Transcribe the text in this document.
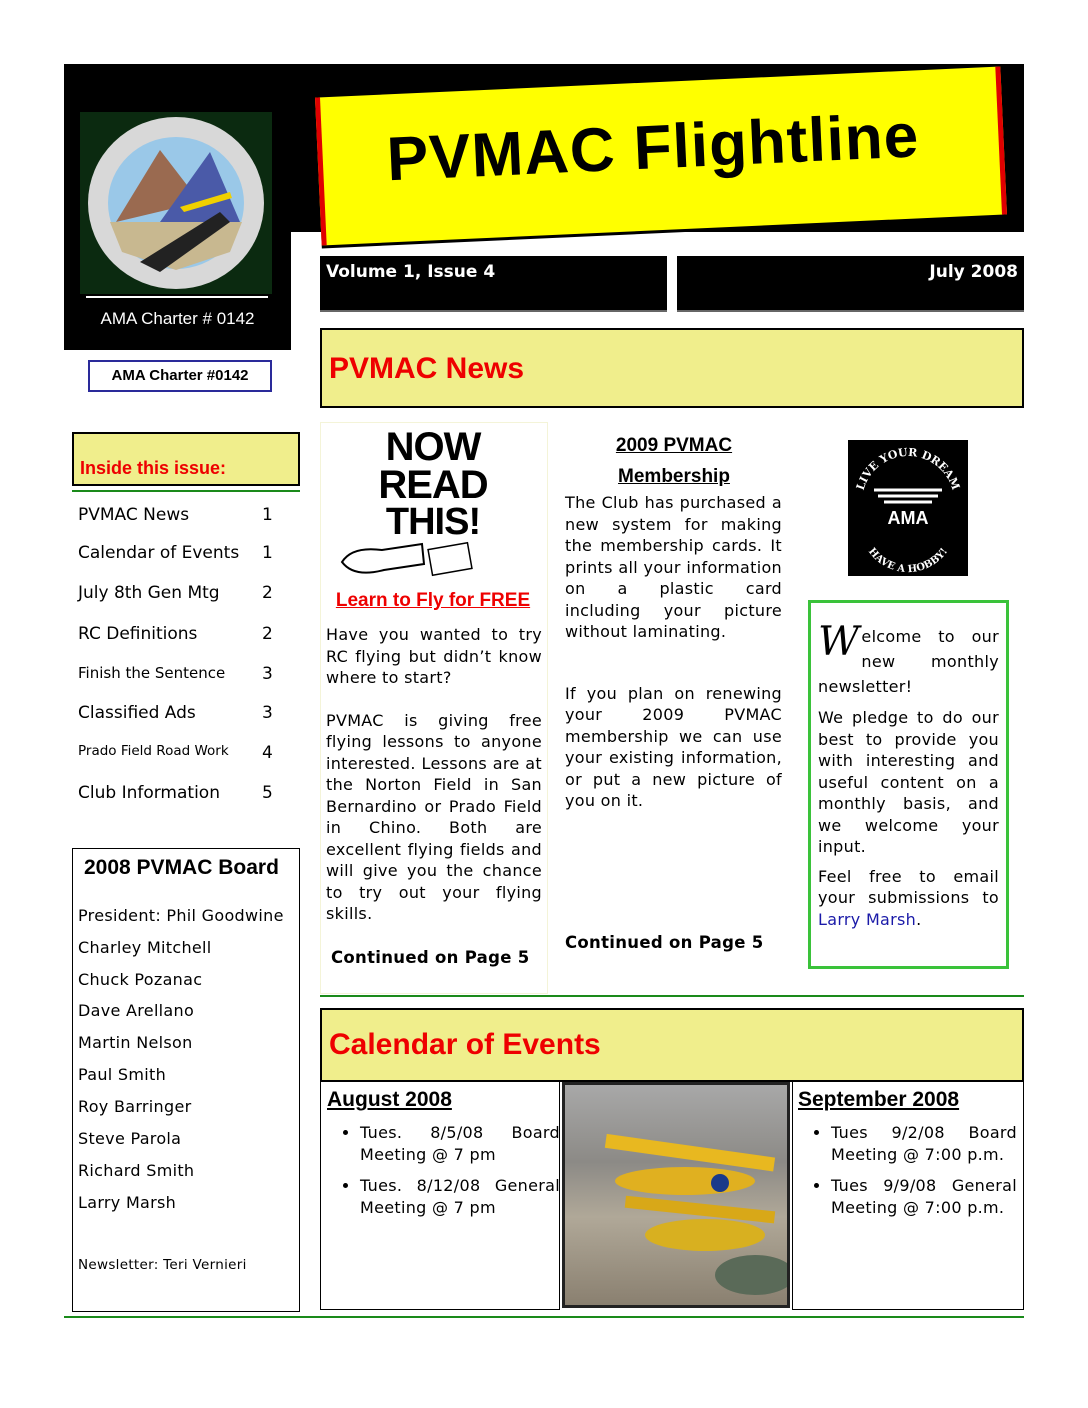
AMA Charter # 0142
AMA Charter #0142
PVMAC Flightline
Volume 1, Issue 4	July 2008
PVMAC News
Inside this issue:
PVMAC News	1
Calendar of Events 1
July 8th Gen Mtg 2
RC Definitions	2
Finish the Sentence 3
Classified Ads	3
Prado Field Road Work 4
Club Information 5
2008 PVMAC Board
President: Phil Goodwine
Charley Mitchell
Chuck Pozanac
Dave Arellano
Martin Nelson
Paul Smith
Roy Barringer
Steve Parola
Richard Smith
Larry Marsh
Newsletter: Teri Vernieri
NOW
READ
THIS!
Learn to Fly for FREE

Have you wanted to try RC flying but didn’t know where to start?

PVMAC is giving free flying lessons to anyone interested. Lessons are at the Norton Field in San Bernardino or Prado Field in Chino. Both are excellent flying fields and will give you the chance to try out your flying skills.

Continued on Page 5

2009 PVMAC
Membership

The Club has purchased a new system for making the membership cards. It prints all your information on a plastic card including your picture without laminating.

If you plan on renewing your 2009 PVMAC membership we can use your existing information, or put a new picture of you on it.

Continued on Page 5

LIVE YOUR DREAM
HAVE A HOBBY!
AMA

Welcome to our new monthly newsletter!

We pledge to do our best to provide you with interesting and useful content on a monthly basis, and we welcome your input.

Feel free to email your submissions to Larry Marsh.

Calendar of Events
August 2008
• Tues. 8/5/08 Board Meeting @ 7 pm
• Tues. 8/12/08 General Meeting @ 7 pm
September 2008
• Tues 9/2/08 Board Meeting @ 7:00 p.m.
• Tues 9/9/08 General Meeting @ 7:00 p.m.
